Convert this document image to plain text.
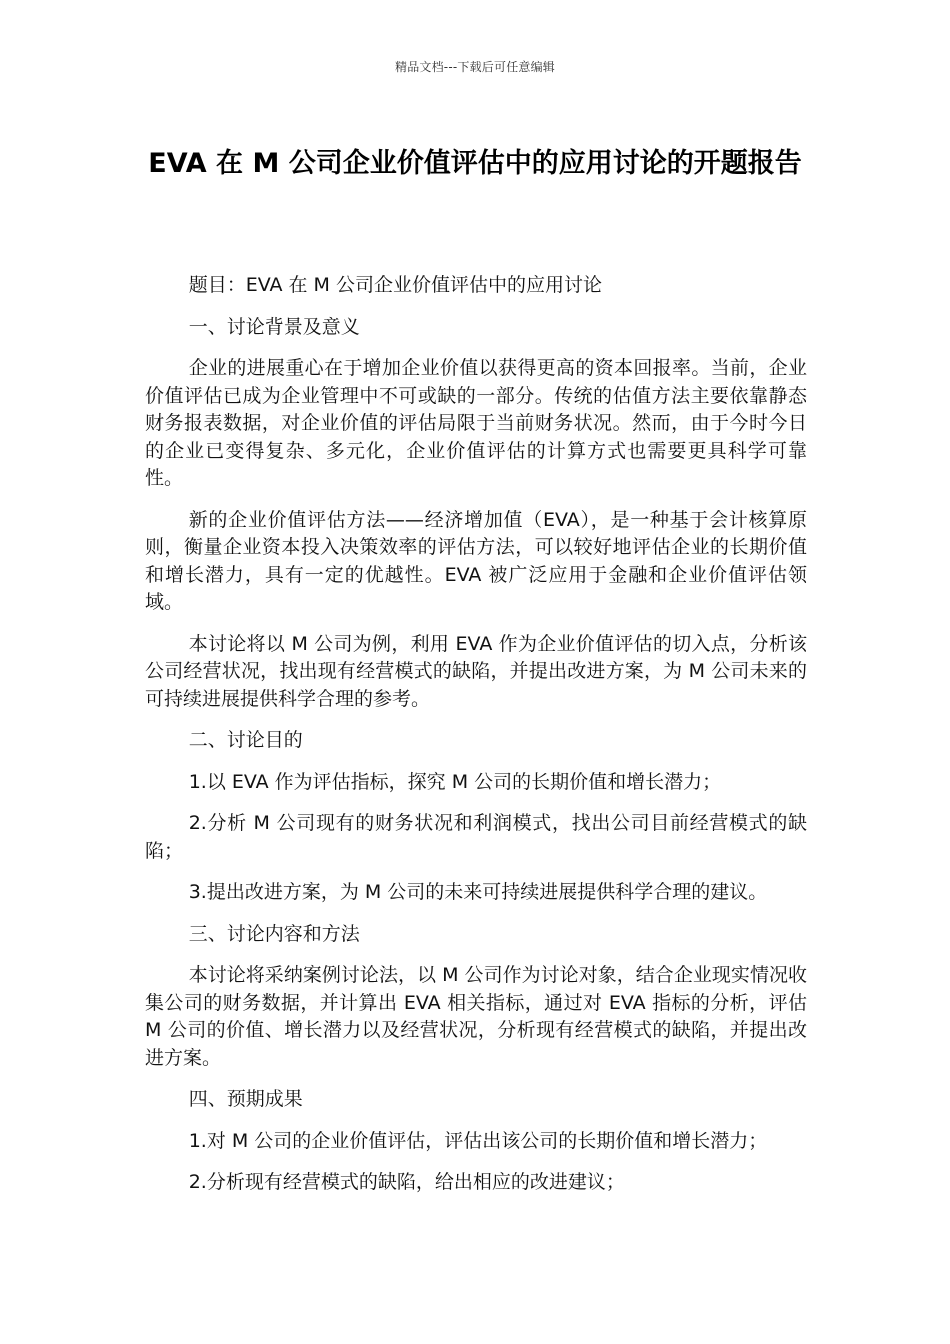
精品文档---下载后可任意编辑
EVA 在 M 公司企业价值评估中的应用讨论的开题报告

题目：EVA 在 M 公司企业价值评估中的应用讨论

一、讨论背景及意义

企业的进展重心在于增加企业价值以获得更高的资本回报率。当前，企业价值评估已成为企业管理中不可或缺的一部分。传统的估值方法主要依靠静态财务报表数据，对企业价值的评估局限于当前财务状况。然而，由于今时今日的企业已变得复杂、多元化，企业价值评估的计算方式也需要更具科学可靠性。

新的企业价值评估方法——经济增加值（EVA），是一种基于会计核算原则，衡量企业资本投入决策效率的评估方法，可以较好地评估企业的长期价值和增长潜力，具有一定的优越性。EVA 被广泛应用于金融和企业价值评估领域。

本讨论将以 M 公司为例，利用 EVA 作为企业价值评估的切入点，分析该公司经营状况，找出现有经营模式的缺陷，并提出改进方案，为 M 公司未来的可持续进展提供科学合理的参考。

二、讨论目的

1.以 EVA 作为评估指标，探究 M 公司的长期价值和增长潜力；

2.分析 M 公司现有的财务状况和利润模式，找出公司目前经营模式的缺陷；

3.提出改进方案，为 M 公司的未来可持续进展提供科学合理的建议。

三、讨论内容和方法

本讨论将采纳案例讨论法，以 M 公司作为讨论对象，结合企业现实情况收集公司的财务数据，并计算出 EVA 相关指标，通过对 EVA 指标的分析，评估 M 公司的价值、增长潜力以及经营状况，分析现有经营模式的缺陷，并提出改进方案。

四、预期成果

1.对 M 公司的企业价值评估，评估出该公司的长期价值和增长潜力；

2.分析现有经营模式的缺陷，给出相应的改进建议；
